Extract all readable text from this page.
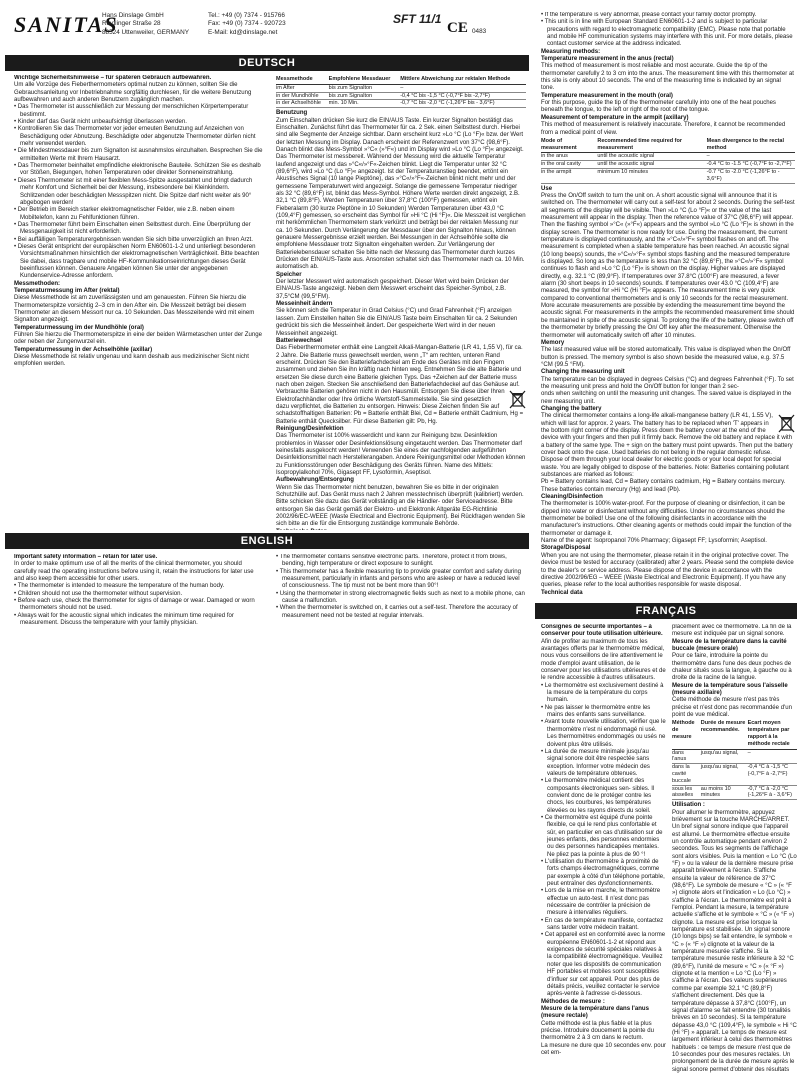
SANITAS
Hans Dinslage GmbH
Riedlinger Straße 28
88524 Uttenweiler, GERMANY
Tel.: +49 (0) 7374 - 915766
Fax: +49 (0) 7374 - 920723
E-Mail: kd@dinslage.net
SFT 11/1
CE 0483
DEUTSCH
ENGLISH
FRANÇAIS

Wichtige Sicherheitshinweise – für späteren Gebrauch aufbewahren.

Um alle Vorzüge des Fieberthermometers optimal nutzen zu können, sollten Sie die Gebrauchsanleitung vor Inbetriebnahme sorgfältig durchlesen, für die weitere Benutzung aufbewahren und auch anderen Benutzern zugänglich machen.

• Das Thermometer ist ausschließlich zur Messung der menschlichen Körpertemperatur bestimmt.

• Kinder darf das Gerät nicht unbeaufsichtigt überlassen werden.

• Kontrollieren Sie das Thermometer vor jeder erneuten Benutzung auf Anzeichen von Beschädigung oder Abnutzung. Beschädigte oder abgenutzte Thermometer dürfen nicht mehr verwendet werden.

• Die Mindestmessdauer bis zum Signalton ist ausnahmslos einzuhalten. Besprechen Sie die ermittelten Werte mit Ihrem Hausarzt.

• Das Thermometer beinhaltet empfindliche elektronische Bauteile. Schützen Sie es deshalb vor Stößen, Biegungen, hohen Temperaturen oder direkter Sonneneinstrahlung.

• Dieses Thermometer ist mit einer flexiblen Mess-Spitze ausgestattet und bringt dadurch mehr Komfort und Sicherheit bei der Messung, insbesondere bei Kleinkindern. Schlitzenden oder beschädigten Messspitzen nicht. Die Spitze darf nicht weiter als 90° abgebogen werden!

• Der Betrieb im Bereich starker elektromagnetischer Felder, wie z.B. neben einem Mobiltelefon, kann zu Fehlfunktionen führen.

• Das Thermometer führt beim Einschalten einen Selbsttest durch. Eine Überprüfung der Messgenauigkeit ist nicht erforderlich.

• Bei auffälligen Temperaturergebnissen wenden Sie sich bitte unverzüglich an Ihren Arzt.

• Dieses Gerät entspricht der europäischen Norm EN60601-1-2 und unterliegt besonderen Vorsichtsmaßnahmen hinsichtlich der elektromagnetischen Verträglichkeit. Bitte beachten Sie dabei, dass tragbare und mobile HF-Kommunikationseinrichtungen dieses Gerät beeinflussen können. Genauere Angaben können Sie unter der angegebenen Kundenservice-Adresse anfordern.

Messmethoden:

Temperaturmessung im After (rektal)

Diese Messmethode ist am zuverlässigsten und am genauesten. Führen Sie hierzu die Thermometerspitze vorsichtig 2–3 cm in den After ein. Die Messzeit beträgt bei diesem Thermometer an diesem Messort nur ca. 10 Sekunden. Das Messzeitende wird mit einem Signalton angezeigt.

Temperaturmessung im der Mundhöhle (oral)

Führen Sie hierzu die Thermometerspitze in eine der beiden Wärmetaschen unter der Zunge oder neben der Zungenwurzel ein.

Temperaturmessung in der Achselhöhle (axillar)

Diese Messmethode ist relativ ungenau und kann deshalb aus medizinischer Sicht nicht empfohlen werden.

Messmethode	Empfohlene Messdauer	Mittlere Abweichung zur rektalen Methode
im After	bis zum Signalton	–
in der Mundhöhle	bis zum Signalton	-0,4 °C bis -1,5 °C (-0,7°F bis -2,7°F)
in der Achselhöhle	min. 10 Min.	-0,7 °C bis -2,0 °C (-1,26°F bis - 3,6°F)

Benutzung

Zum Einschalten drücken Sie kurz die EIN/AUS Taste. Ein kurzer Signalton bestätigt das Einschalten. Zunächst führt das Thermometer für ca. 2 Sek. einen Selbsttest durch. Hierbei sind alle Segmente der Anzeige sichtbar. Dann erscheint kurz »Lo °C (Lo °F)« bzw. der Wert der letzten Messung im Display. Danach erscheint der Referenzwert von 37°C (98,6°F). Danach blinkt das Mess-Symbol »°C« (»°F«) und im Display wird »Lo °C (Lo °F)« angezeigt. Das Thermometer ist messbereit. Während der Messung wird die aktuelle Temperatur laufend angezeigt und das »°C«/»°F«-Zeichen blinkt. Liegt die Temperatur unter 32 °C (89,6°F), wird »Lo °C (Lo °F)« angezeigt. Ist der Temperaturanstieg beendet, ertönt ein Akustisches Signal (10 lange Pieptöne), das »°C«/»°F«-Zeichen blinkt nicht mehr und der gemessene Temperaturwert wird angezeigt. Solange die gemessene Temperatur niedriger als 32 °C (89,6°F) ist, blinkt das Mess-Symbol. Höhere Werte werden direkt angezeigt, z.B. 32,1 °C (89,8°F). Werden Temperaturen über 37,8°C (100°F) gemessen, ertönt ein Fieberalarm (30 kurze Pieptöne in 10 Sekunden) Werden Temperaturen über 43,0 °C (109,4°F) gemessen, so erscheint das Symbol für »Hi °C (Hi °F)«. Die Messzeit ist verglichen mit herkömmlichen Thermometern stark verkürzt und beträgt bei der rektalen Messung nur ca. 10 Sekunden. Durch Verlängerung der Messdauer über den Signalton hinaus, können genauere Messergebnisse erzielt werden. Bei Messungen in der Achselhöhle sollte die empfohlene Messdauer trotz Signalton eingehalten werden. Zur Verlängerung der Batterielebensdauer schalten Sie bitte nach der Messung das Thermometer durch kurzes Drücken der EIN/AUS-Taste aus. Ansonsten schaltet sich das Thermometer nach ca. 10 Min. automatisch ab.

Speicher

Der letzter Messwert wird automatisch gespeichert. Dieser Wert wird beim Drücken der EIN/AUS-Taste angezeigt. Neben dem Messwert erscheint das Speicher-Symbol, z.B. 37,5°CM (99,5°FM).

Messeinheit ändern

Sie können sich die Temperatur in Grad Celsius (°C) und Grad Fahrenheit (°F) anzeigen lassen. Zum Einstellen halten Sie die EIN/AUS Taste beim Einschalten für ca. 2 Sekunden gedrückt bis sich die Messeinheit ändert. Der gespeicherte Wert wird in der neuen Messeinheit angezeigt.

Batteriewechsel

Das Fieberthermometer enthält eine Langzeit Alkali-Mangan-Batterie (LR 41, 1,55 V), für ca. 2 Jahre. Die Batterie muss gewechselt werden, wenn „T“ am rechten, unteren Rand erscheint. Drücken Sie den Batteriefachdeckel am Ende des Gerätes mit den Fingern zusammen und ziehen Sie ihn kräftig nach hinten weg. Entnehmen Sie die alte Batterie und ersetzen Sie diese durch eine Batterie gleichen Typs. Das +Zeichen auf der Batterie muss nach oben zeigen. Stecken Sie anschließend den Batteriefachdeckel auf das Gehäuse auf.

Verbrauchte Batterien gehören nicht in den Hausmüll. Entsorgen Sie diese über Ihren Elektrofachhändler oder Ihre örtliche Wertstoff-Sammelstelle. Sie sind gesetzlich dazu verpflichtet, die Batterien zu entsorgen. Hinweis: Diese Zeichen finden Sie auf schadstoffhaltigen Batterien: Pb = Batterie enthält Blei, Cd = Batterie enthält Cadmium, Hg = Batterie enthält Quecksilber. Für diese Batterien gilt: Pb, Hg.

Reinigung/Desinfektion

Das Thermometer ist 100% wasserdicht und kann zur Reinigung bzw. Desinfektion problemlos in Wasser oder Desinfektionslösung eingetaucht werden. Das Thermometer darf keinesfalls ausgekocht werden! Verwenden Sie eines der nachfolgenden aufgeführten Desinfektionsmittel nach Herstellerangaben. Andere Reinigungsmittel oder Methoden können zu Funktionsstörungen oder Beschädigung des Geräts führen. Name des Mittels: Isopropylalkohol 70%, Gigasept FF, Lysoformin, Aseptisol.

Aufbewahrung/Entsorgung

Wenn Sie das Thermometer nicht benutzen, bewahren Sie es bitte in der originalen Schutzhülle auf. Das Gerät muss nach 2 Jahren messtechnisch überprüft (kalibriert) werden. Bitte schicken Sie dazu das Gerät vollständig an die Händler- oder Serviceadresse. Bitte entsorgen Sie das Gerät gemäß der Elektro- und Elektronik Altgeräte EG-Richtlinie 2002/96/EC-WEEE (Waste Electrical and Electronic Equipment). Bei Rückfragen wenden Sie sich bitte an die für die Entsorgung zuständige kommunale Behörde.

Important safety information – retain for later use.

In order to make optimum use of all the merits of the clinical thermometer, you should carefully read the operating instructions before using it, retain the instructions for later use and also keep them accessible for other users.

• The thermometer is intended to measure the temperature of the human body.

• Children should not use the thermometer without supervision.

• Before each use, check the thermometer for signs of damage or wear. Damaged or worn thermometers should not be used.

• Always wait for the acoustic signal which indicates the minimum time required for measurement. Discuss the temperature with your family physician.

• The thermometer contains sensitive electronic parts. Therefore, protect it from blows, bending, high temperature or direct exposure to sunlight.

• This thermometer has a flexible measuring tip to provide greater comfort and safety during measurement, particularly in infants and persons who are asleep or have a reduced level of consciousness. The tip must not be bent more than 90°!

• Using the thermometer in strong electromagnetic fields such as next to a mobile phone, can cause a malfunction.

• When the thermometer is switched on, it carries out a self-test. Therefore the accuracy of measurement need not be tested at regular intervals.

• If the temperature is very abnormal, please contact your family doctor promptly.

• This unit is in line with European Standard EN60601-1-2 and is subject to particular precautions with regard to electromagnetic compatibility (EMC). Please note that portable and mobile HF communication systems may interfere with this unit. For more details, please contact customer service at the address indicated.

Measuring methods:

Temperature measurement in the anus (rectal)

This method of measurement is most reliable and most accurate. Guide the tip of the thermometer carefully 2 to 3 cm into the anus. The measurement time with this thermometer at this site is only about 10 seconds. The end of the measuring time is indicated by an signal tone.

Temperature measurement in the mouth (oral)

For this purpose, guide the tip of the thermometer carefully into one of the heat pouches beneath the tongue, to the left or right of the root of the tongue.

Measurement of temperature in the armpit (axillary)

This method of measurement is relatively inaccurate. Therefore, it cannot be recommended from a medical point of view.

Mode of measurement	Recommended time required for measurement	Mean divergence to the rectal method
in the anus	until the acoustic signal	–
in the oral cavity	until the acoustic signal	-0.4 °C to -1.5 °C (-0,7°F to -2,7°F)
in the armpit	minimum 10 minutes	-0.7 °C to -2.0 °C (-1,26°F to - 3,6°F)

Use

Press the On/Off switch to turn the unit on. A short acoustic signal will announce that it is switched on. The thermometer will carry out a self-test for about 2 seconds. During the self-test all segments of the display will be visible. Then »Lo °C (Lo °F)« or the value of the last measurement will appear in the display. Then the reference value of 37°C (98,6°F) will appear. Then the flashing symbol »°C« (»°F«) appears and the symbol »Lo °C (Lo °F)« is shown in the display screen. The thermometer is now ready for use. During the measurement, the current temperature is displayed continuously, and the »°C«/»°F« symbol flashes on and off. The measurement is completed when a stable temperature has been reached. An acoustic signal (10 long beeps) sounds, the »°C«/»°F« symbol stops flashing and the measured temperature is displayed. So long as the temperature is less than 32 °C (89,6°F), the »°C«/»°F« symbol continues to flash and »Lo °C (Lo °F)« is shown on the display. Higher values are displayed directly, e.g. 32.1 °C (89,9°F). If temperatures over 37.8°C (100°F) are measured, a fever alarm (30 short beeps in 10 seconds) sounds. If temperatures over 43.0 °C (109,4°F) are measured, the symbol for »Hi °C (Hi °F)« appears. The measurement time is very quick compared to conventional thermometers and is only 10 seconds for the rectal measurement. More accurate measurements are possible by extending the measurement time beyond the acoustic signal. For measurements in the armpits the recommended measurement time should be maintained in spite of the acoustic signal. To prolong the life of the battery, please switch off the thermometer by briefly pressing the On/ Off key after the measurement. Otherwise the thermometer will automatically switch off after 10 minutes.

Memory

The last measured value will be stored automatically. This value is displayed when the On/Off button is pressed. The memory symbol is also shown beside the measured value, e.g. 37.5 °CM (99.5 °FM).

Changing the measuring unit

The temperature can be displayed in degrees Celsius (°C) and degrees Fahrenheit (°F). To set the measuring unit press and hold the On/Off button for longer than 2 sec-

onds when switching on until the measuring unit changes. The saved value is displayed in the new measuring unit.

Changing the battery

The clinical thermometer contains a long-life alkali-manganese battery (LR 41, 1.55 V), which will last for approx. 2 years. The battery has to be replaced when 'T' appears in the bottom right corner of the display. Press down the battery cover at the end of the device with your fingers and then pull it firmly back. Remove the old battery and replace it with a battery of the same type. The + sign on the battery must point upwards. Then put the battery cover back onto the case. Used batteries do not belong in the regular domestic refuse. Dispose of them through your local dealer for electric goods or your local depot for special waste. You are legally obliged to dispose of the batteries. Note: Batteries containing pollutant substances are marked as follows:

Pb = Battery contains lead, Cd = Battery contains cadmium, Hg = Battery contains mercury. These batteries contain mercury (Hg) and lead (Pb).

Cleaning/Disinfection

The thermometer is 100% water-proof. For the purpose of cleaning or disinfection, it can be dipped into water or disinfectant without any difficulties. Under no circumstances should the thermometer be boiled! Use one of the following disinfectants in accordance with the manufacturer's instructions. Other cleaning agents or methods could impair the function of the thermometer or damage it.

Name of the agent: Isopropanol 70% Pharmacy; Gigasept FF; Lysoformin; Aseptisol.

Storage/Disposal

When you are not using the thermometer, please retain it in the original protective cover. The device must be tested for accuracy (calibrated) after 2 years. Please send the complete device to the dealer's or service address. Please dispose of the device in accordance with the directive 2002/96/EG – WEEE (Waste Electrical and Electronic Equipment). If you have any queries, please refer to the local authorities responsible for waste disposal.

Technical data

Consignes de sécurité importantes – à conserver pour toute utilisation ultérieure.

Afin de profiter au maximum de tous les avantages offerts par le thermomètre médical, nous vous conseillons de lire attentivement le mode d'emploi avant utilisation, de le conserver pour les utilisations ultérieures et de le rendre accessible à d'autres utilisateurs.

• Le thermomètre est exclusivement destiné à la mesure de la température du corps humain.

• Ne pas laisser le thermomètre entre les mains des enfants sans surveillance.

• Avant toute nouvelle utilisation, vérifier que le thermomètre n'est ni endommagé ni usé. Les thermomètres endommagés ou usés ne doivent plus être utilisés.

• La durée de mesure minimale jusqu'au signal sonore doit être respectée sans exception. Informer votre médecin des valeurs de température obtenues.

• Le thermomètre médical contient des composants électroniques sen- sibles. Il convient donc de le protéger contre les chocs, les courbures, les températures élevées ou les rayons directs du soleil.

• Ce thermomètre est équipé d'une pointe flexible, ce qui le rend plus confortable et sûr, en particulier en cas d'utilisation sur de jeunes enfants, des personnes endormies ou des personnes handicapées mentales. Ne pliez pas la pointe à plus de 90 °!

• L'utilisation du thermomètre à proximité de forts champs électromagnétiques, comme par exemple à côté d'un téléphone portable, peut entraîner des dysfonctionnements.

• Lors de la mise en marche, le thermomètre effectue un auto-test. Il n'est donc pas nécessaire de contrôler la précision de mesure à intervalles réguliers.

• En cas de température manifeste, contactez sans tarder votre médecin traitant.

• Cet appareil est en conformité avec la norme européenne EN60601-1-2 et répond aux exigences de sécurité spéciales relatives à la compatibilité électromagnétique. Veuillez noter que les dispositifs de communication HF portables et mobiles sont susceptibles d'influer sur cet appareil. Pour des plus de détails précis, veuillez contacter le service après-vente à l'adresse ci-dessous.

Méthodes de mesure :

Mesure de la température dans l'anus (mesure rectale)

Cette méthode est la plus fiable et la plus précise. Introduire doucement la pointe du thermomètre 2 à 3 cm dans le rectum.

La mesure ne dure que 10 secondes env. pour cet em-

placement avec ce thermomètre. La fin de la mesure est indiquée par un signal sonore.

Mesure de la température dans la cavité buccale (mesure orale)

Pour ce faire, introduire la pointe du thermomètre dans l'une des deux poches de chaleur situés sous la langue, à gauche ou à droite de la racine de la langue.

Mesure de la température sous l'aisselle (mesure axillaire)

Cette méthode de mesure n'est pas très précise et n'est donc pas recommandée d'un point de vue médical.

Méthode de mesure	Durée de mesure recommandée.	Ecart moyen température par rapport à la méthode rectale
dans l'anus	jusqu'au signal,	–
dans la cavité buccale	jusqu'au signal,	-0,4 °C à -1,5 °C (-0,7°F à -2,7°F)
sous les aisselles	au moins 10 minutes	-0,7 °C à -2,0 °C (-1,26°F à - 3,6°F)

Utilisation :

Pour allumer le thermomètre, appuyez brièvement sur la touche MARCHE/ARRET. Un bref signal sonore indique que l'appareil est allumé. Le thermomètre effectue ensuite un contrôle automatique pendant environ 2 secondes. Tous les segments de l'affichage sont alors visibles. Puis la mention « Lo °C (Lo °F) » ou la valeur de la dernière mesure prise apparaît brièvement à l'écran. S'affiche ensuite la valeur de référence de 37°C (98,6°F). Le symbole de mesure « °C » (« °F ») clignote alors et l'indication « Lo (Lo °C) » s'affiche à l'écran. Le thermomètre est prêt à l'emploi. Pendant la mesure, la température actuelle s'affiche et le symbole « °C » (« °F ») clignote. La mesure est prise lorsque la température est stabilisée. Un signal sonore (10 longs bips) se fait entendre, le symbole « °C » (« °F ») clignote et la valeur de la température mesurée s'affiche. Si la température mesurée reste inférieure à 32 °C (89,6°F), l'unité de mesure « °C » (« °F ») clignote et la mention « Lo °C (Lo °F) » s'affiche à l'écran. Des valeurs supérieures comme par exemple 32,1 °C (89,8°F) s'affichent directement. Dès que la température dépasse à 37,8°C (100°F), un signal d'alarme se fait entendre (30 tonalités brèves en 10 secondes). Si la température dépasse 43,0 °C (109,4°F), le symbole « Hi °C (Hi °F) » apparaît. Le temps de mesure est largement inférieur à celui des thermomètres habituels : ce temps de mesure n'est que de 10 secondes pour des mesures rectales. Un prolongement de la durée de mesure après le signal sonore permet d'obtenir des résultats
